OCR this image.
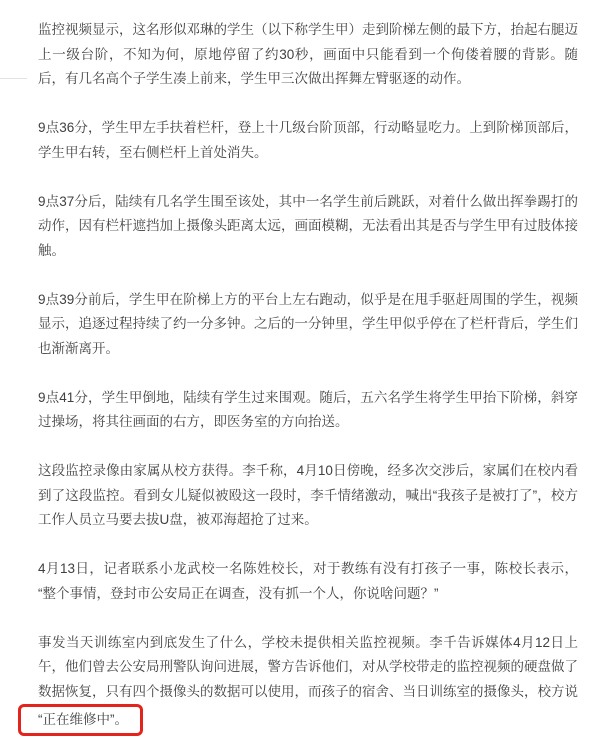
监控视频显示，这名形似邓琳的学生（以下称学生甲）走到阶梯左侧的最下方，抬起右腿迈上一级台阶，不知为何，原地停留了约30秒，画面中只能看到一个佝偻着腰的背影。随后，有几名高个子学生凑上前来，学生甲三次做出挥舞左臂驱逐的动作。

9点36分，学生甲左手扶着栏杆，登上十几级台阶顶部，行动略显吃力。上到阶梯顶部后，学生甲右转，至右侧栏杆上首处消失。

9点37分后，陆续有几名学生围至该处，其中一名学生前后跳跃，对着什么做出挥拳踢打的动作，因有栏杆遮挡加上摄像头距离太远，画面模糊，无法看出其是否与学生甲有过肢体接触。

9点39分前后，学生甲在阶梯上方的平台上左右跑动，似乎是在甩手驱赶周围的学生，视频显示，追逐过程持续了约一分多钟。之后的一分钟里，学生甲似乎停在了栏杆背后，学生们也渐渐离开。

9点41分，学生甲倒地，陆续有学生过来围观。随后，五六名学生将学生甲抬下阶梯，斜穿过操场，将其往画面的右方，即医务室的方向抬送。

这段监控录像由家属从校方获得。李千称，4月10日傍晚，经多次交涉后，家属们在校内看到了这段监控。看到女儿疑似被殴这一段时，李千情绪激动，喊出“我孩子是被打了”，校方工作人员立马要去拔U盘，被邓海超抢了过来。

4月13日，记者联系小龙武校一名陈姓校长，对于教练有没有打孩子一事，陈校长表示，“整个事情，登封市公安局正在调查，没有抓一个人，你说啥问题？”

事发当天训练室内到底发生了什么，学校未提供相关监控视频。李千告诉媒体4月12日上午，他们曾去公安局刑警队询问进展，警方告诉他们，对从学校带走的监控视频的硬盘做了数据恢复，只有四个摄像头的数据可以使用，而孩子的宿舍、当日训练室的摄像头，校方说

“正在维修中”。
